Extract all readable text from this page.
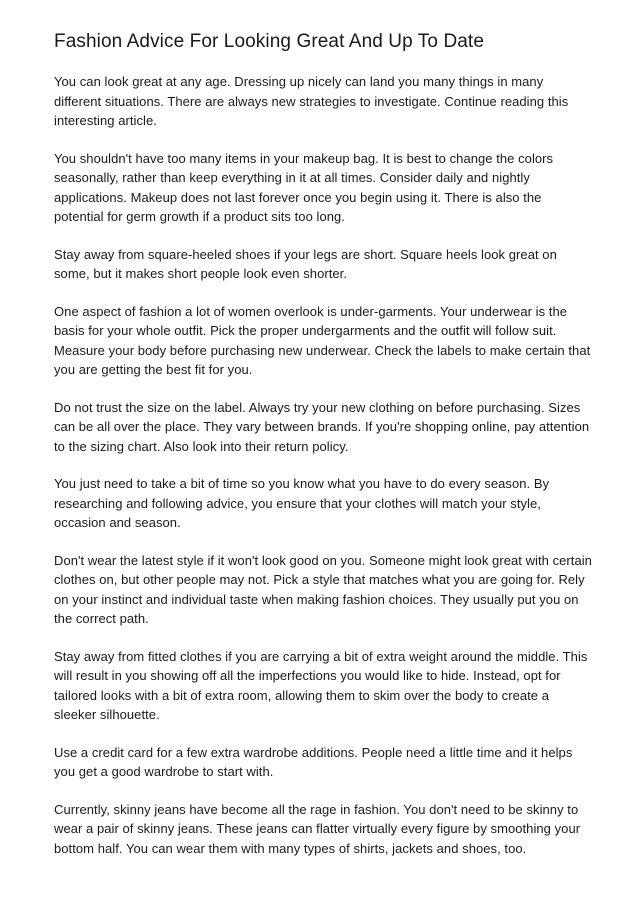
Fashion Advice For Looking Great And Up To Date

You can look great at any age. Dressing up nicely can land you many things in many different situations. There are always new strategies to investigate. Continue reading this interesting article.

You shouldn't have too many items in your makeup bag. It is best to change the colors seasonally, rather than keep everything in it at all times. Consider daily and nightly applications. Makeup does not last forever once you begin using it. There is also the potential for germ growth if a product sits too long.

Stay away from square-heeled shoes if your legs are short. Square heels look great on some, but it makes short people look even shorter.

One aspect of fashion a lot of women overlook is under-garments. Your underwear is the basis for your whole outfit. Pick the proper undergarments and the outfit will follow suit. Measure your body before purchasing new underwear. Check the labels to make certain that you are getting the best fit for you.

Do not trust the size on the label. Always try your new clothing on before purchasing. Sizes can be all over the place. They vary between brands. If you're shopping online, pay attention to the sizing chart. Also look into their return policy.

You just need to take a bit of time so you know what you have to do every season. By researching and following advice, you ensure that your clothes will match your style, occasion and season.

Don't wear the latest style if it won't look good on you. Someone might look great with certain clothes on, but other people may not. Pick a style that matches what you are going for. Rely on your instinct and individual taste when making fashion choices. They usually put you on the correct path.

Stay away from fitted clothes if you are carrying a bit of extra weight around the middle. This will result in you showing off all the imperfections you would like to hide. Instead, opt for tailored looks with a bit of extra room, allowing them to skim over the body to create a sleeker silhouette.

Use a credit card for a few extra wardrobe additions. People need a little time and it helps you get a good wardrobe to start with.

Currently, skinny jeans have become all the rage in fashion. You don't need to be skinny to wear a pair of skinny jeans. These jeans can flatter virtually every figure by smoothing your bottom half. You can wear them with many types of shirts, jackets and shoes, too.
